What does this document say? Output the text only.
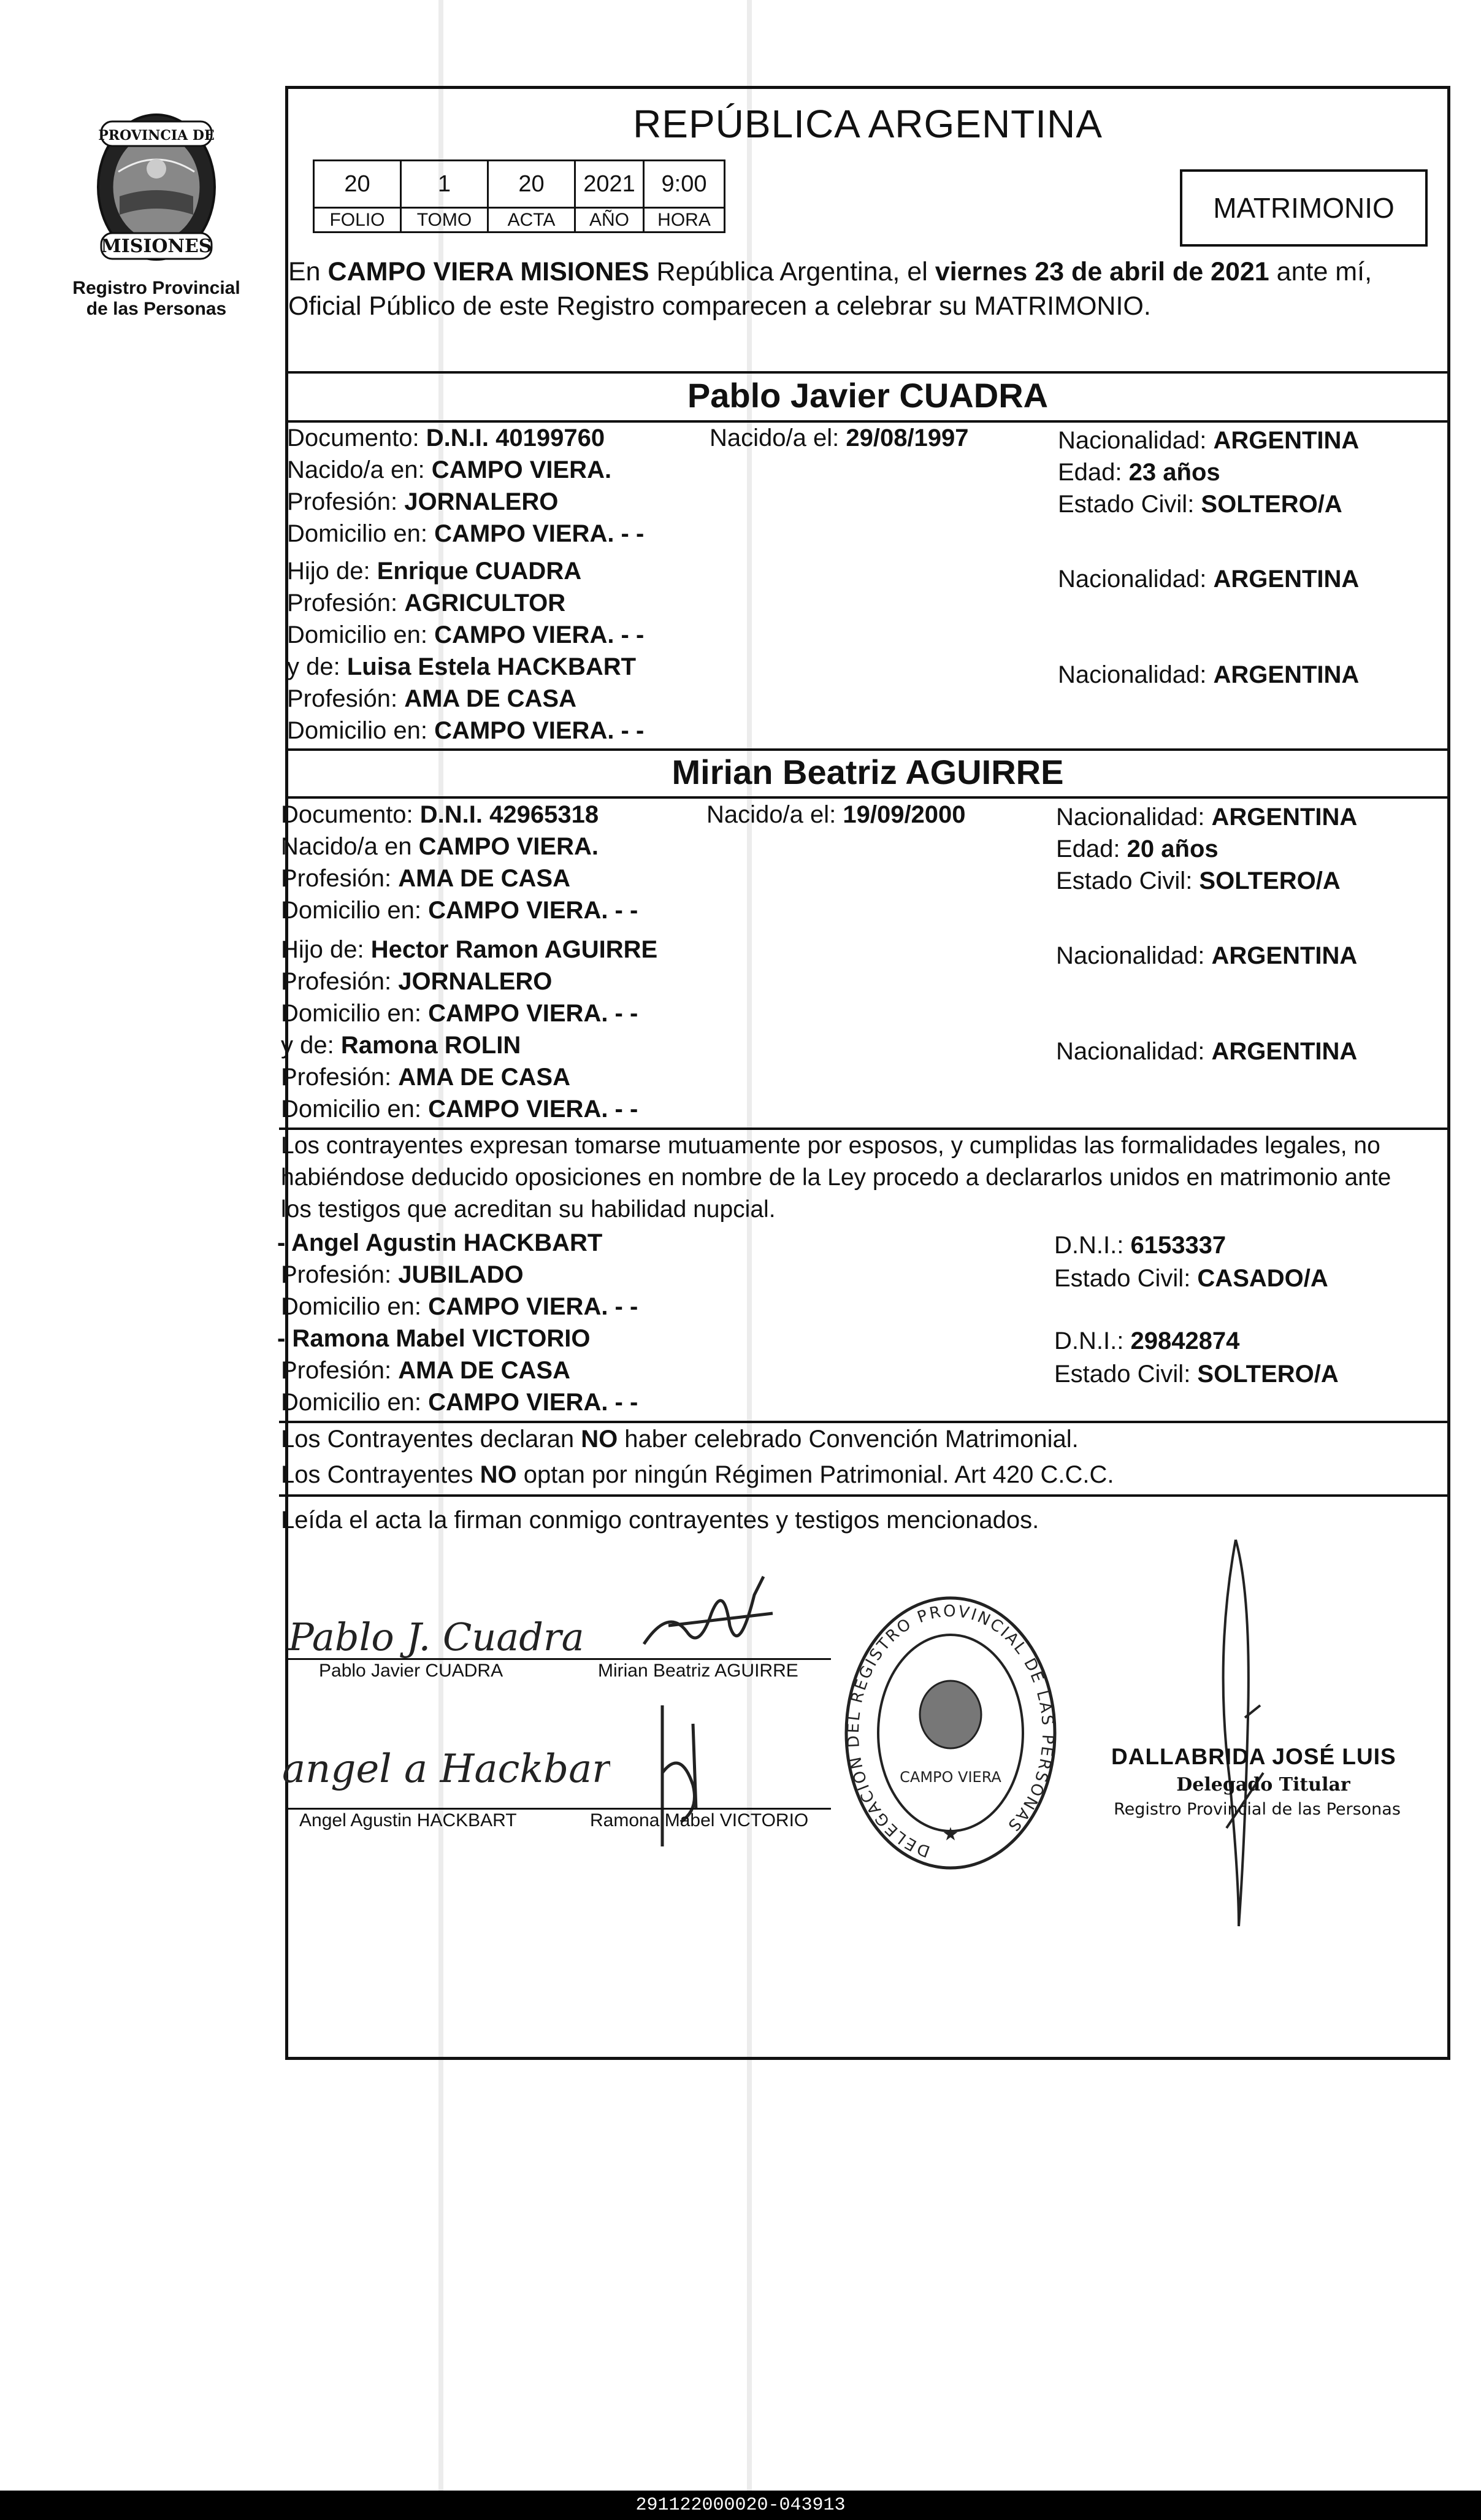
PROVINCIA DE
MISIONES
Registro Provincial
de las Personas
REPÚBLICA ARGENTINA
20	1	20	2021	9:00
FOLIO	TOMO	ACTA	AÑO	HORA	MATRIMONIO
En CAMPO VIERA MISIONES República Argentina, el viernes 23 de abril de 2021 ante mí,
Oficial Público de este Registro comparecen a celebrar su MATRIMONIO.
Pablo Javier CUADRA
Documento: D.N.I. 40199760	Nacido/a el: 29/08/1997	Nacionalidad: ARGENTINA
Nacido/a en: CAMPO VIERA.	Edad: 23 años
Profesión: JORNALERO	Estado Civil: SOLTERO/A
Domicilio en: CAMPO VIERA. - -
Hijo de: Enrique CUADRA	Nacionalidad: ARGENTINA
Profesión: AGRICULTOR
Domicilio en: CAMPO VIERA. - -
y de: Luisa Estela HACKBART	Nacionalidad: ARGENTINA
Profesión: AMA DE CASA
Domicilio en: CAMPO VIERA. - -
Mirian Beatriz AGUIRRE
Documento: D.N.I. 42965318	Nacido/a el: 19/09/2000	Nacionalidad: ARGENTINA
Nacido/a en CAMPO VIERA.	Edad: 20 años
Profesión: AMA DE CASA	Estado Civil: SOLTERO/A
Domicilio en: CAMPO VIERA. - -
Hijo de: Hector Ramon AGUIRRE	Nacionalidad: ARGENTINA
Profesión: JORNALERO
Domicilio en: CAMPO VIERA. - -
y de: Ramona ROLIN	Nacionalidad: ARGENTINA
Profesión: AMA DE CASA
Domicilio en: CAMPO VIERA. - -
Los contrayentes expresan tomarse mutuamente por esposos, y cumplidas las formalidades legales, no
habiéndose deducido oposiciones en nombre de la Ley procedo a declararlos unidos en matrimonio ante
los testigos que acreditan su habilidad nupcial.
- Angel Agustin HACKBART	D.N.I.: 6153337
Profesión: JUBILADO	Estado Civil: CASADO/A
Domicilio en: CAMPO VIERA. - -
- Ramona Mabel VICTORIO	D.N.I.: 29842874
Profesión: AMA DE CASA	Estado Civil: SOLTERO/A
Domicilio en: CAMPO VIERA. - -
Los Contrayentes declaran NO haber celebrado Convención Matrimonial.
Los Contrayentes NO optan por ningún Régimen Patrimonial. Art 420 C.C.C.
Leída el acta la firman conmigo contrayentes y testigos mencionados.
Pablo J. Cuadra
Pablo Javier CUADRA	Mirian Beatriz AGUIRRE
angel a Hackbart
Angel Agustin HACKBART	Ramona Mabel VICTORIO
DELEGACION DEL REGISTRO PROVINCIAL DE LAS PERSONAS
CAMPO VIERA
★
DALLABRIDA JOSÉ LUIS
Delegado Titular
Registro Provincial de las Personas
291122000020-043913
